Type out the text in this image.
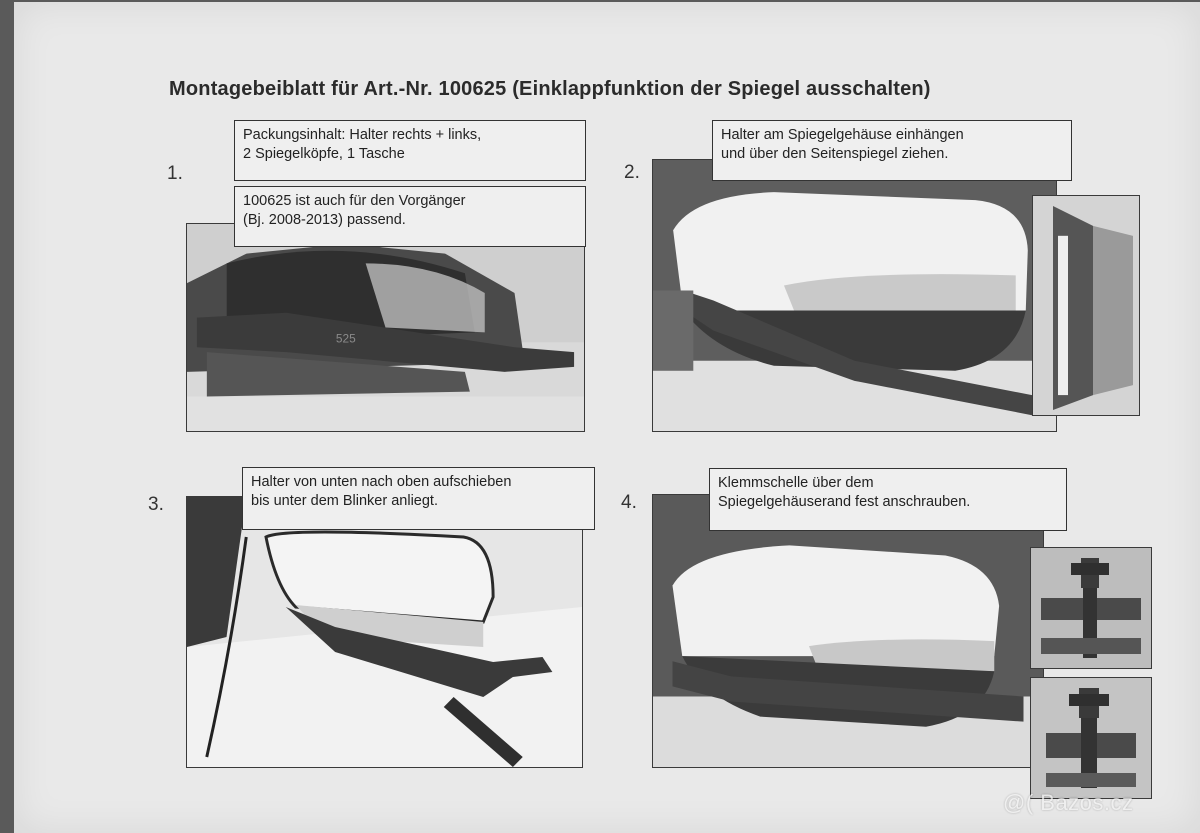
Montagebeiblatt für Art.-Nr. 100625 (Einklappfunktion der Spiegel ausschalten)
1.
525
Packungsinhalt: Halter rechts + links,
2 Spiegelköpfe, 1 Tasche
100625 ist auch für den Vorgänger
(Bj. 2008-2013) passend.
2.
Halter am Spiegelgehäuse einhängen
und über den Seitenspiegel ziehen.
3.
Halter von unten nach oben aufschieben
bis unter dem Blinker anliegt.	4.
Klemmschelle über dem
Spiegelgehäuserand fest anschrauben.
@( Bazos.cz
